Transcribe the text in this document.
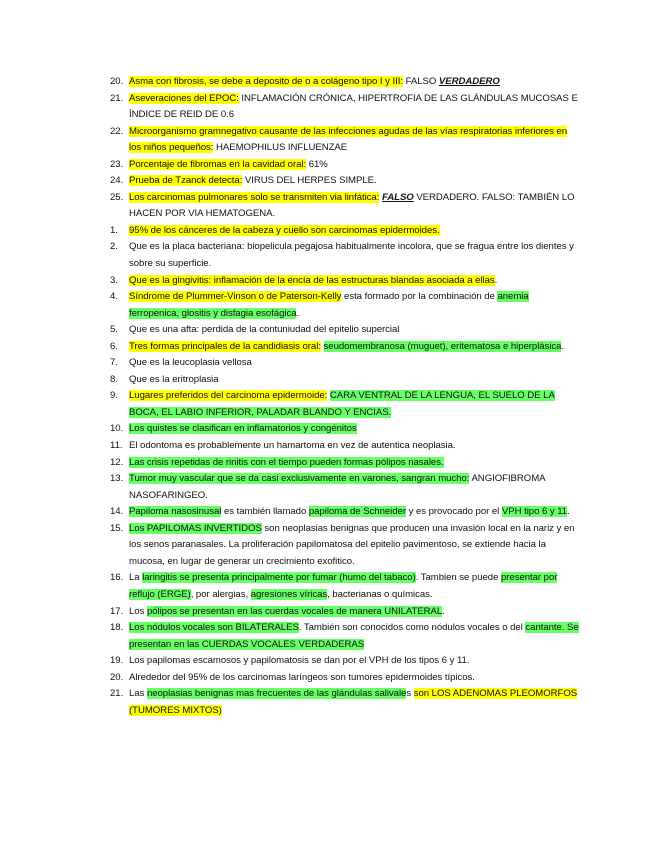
20. Asma con fibrosis, se debe a deposito de o a colágeno tipo I y III: FALSO VERDADERO
21. Aseveraciones del EPOC: INFLAMACIÓN CRÓNICA, HIPERTROFIA DE LAS GLÁNDULAS MUCOSAS E ÍNDICE DE REID DE 0.6
22. Microorganismo gramnegativo causante de las infecciones agudas de las vías respiratorias inferiores en los niños pequeños: HAEMOPHILUS INFLUENZAE
23. Porcentaje de fibromas en la cavidad oral: 61%
24. Prueba de Tzanck detecta: VIRUS DEL HERPES SIMPLE.
25. Los carcinomas pulmonares solo se transmiten via linfática: FALSO VERDADERO. FALSO: TAMBIÉN LO HACEN POR VIA HEMATOGENA.
1. 95% de los cánceres de la cabeza y cuello son carcinomas epidermoides.
2. Que es la placa bacteriana: biopelicula pegajosa habitualmente incolora, que se fragua entre los dientes y sobre su superficie.
3. Que es la gingivitis: inflamación de la encía de las estructuras blandas asociada a ellas.
4. Síndrome de Plummer-Vinson o de Paterson-Kelly esta formado por la combinación de anemia ferropenica, glositis y disfagia esofágica.
5. Que es una afta: perdida de la contuniudad del epitelio supercial
6. Tres formas principales de la candidiasis oral: seudomembranosa (muguet), eritematosa e hiperplásica.
7. Que es la leucoplasia vellosa
8. Que es la eritroplasia
9. Lugares preferidos del carcinoma epidermoide: CARA VENTRAL DE LA LENGUA, EL SUELO DE LA BOCA, EL LABIO INFERIOR, PALADAR BLANDO Y ENCIAS.
10. Los quistes se clasifican en inflamatorios y congénitos
11. El odontoma es probablemente un hamartoma en vez de autentica neoplasia.
12. Las crisis repetidas de rinitis con el tiempo pueden formas pólipos nasales.
13. Tumor muy vascular que se da casi exclusivamente en varones, sangran mucho: ANGIOFIBROMA NASOFARINGEO.
14. Papiloma nasosinusal es también llamado papiloma de Schneider y es provocado por el VPH tipo 6 y 11.
15. Los PAPILOMAS INVERTIDOS son neoplasias benignas que producen una invasión local en la nariz y en los senos paranasales. La proliferación papilomatosa del epitelio pavimentoso, se extiende hacia la mucosa, en lugar de generar un crecimiento exofitico.
16. La laringitis se presenta principalmente por fumar (humo del tabaco). Tambien se puede presentar por reflujo (ERGE), por alergias, agresiones víricas, bacterianas o químicas.
17. Los pólipos se presentan en las cuerdas vocales de manera UNILATERAL.
18. Los nódulos vocales son BILATERALES. También son conocidos como nódulos vocales o del cantante. Se presentan en las CUERDAS VOCALES VERDADERAS
19. Los papilomas escamosos y papilomatosis se dan por el VPH de los tipos 6 y 11.
20. Alrededor del 95% de los carcinomas laríngeos son tumores epidermoides típicos.
21. Las neoplasias benignas mas frecuentes de las glándulas salivales son LOS ADENOMAS PLEOMORFOS (TUMORES MIXTOS)
